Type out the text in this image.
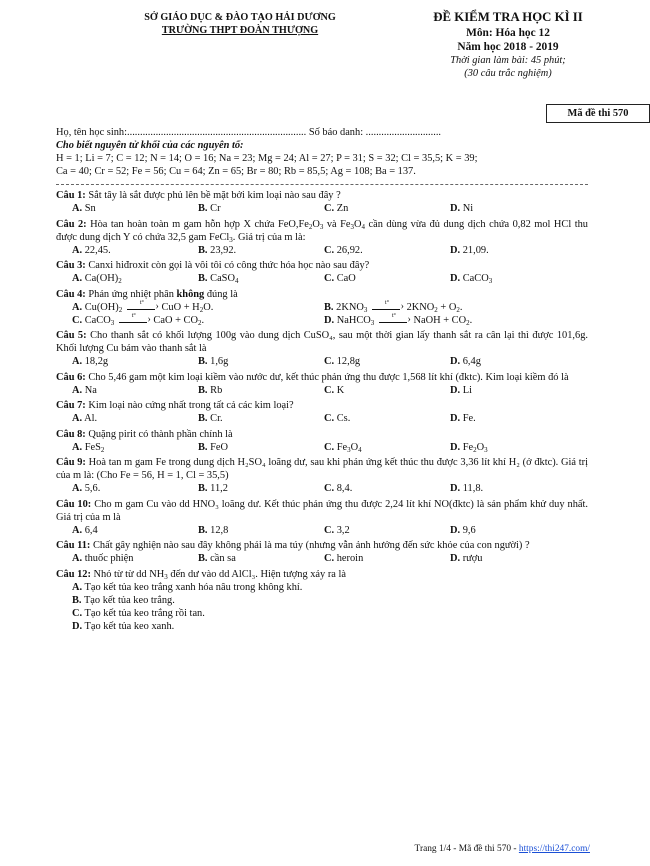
SỞ GIÁO DỤC & ĐÀO TẠO HẢI DƯƠNG
TRƯỜNG THPT ĐOÀN THƯỢNG
ĐỀ KIỂM TRA HỌC KÌ II
Môn: Hóa học 12
Năm học 2018 - 2019
Thời gian làm bài: 45 phút;
(30 câu trắc nghiệm)
Mã đề thi 570
Họ, tên học sinh:..................................................................... Số báo danh: .............................
Cho biết nguyên tử khối của các nguyên tố:
H = 1; Li = 7; C = 12; N = 14; O = 16; Na = 23; Mg = 24; Al = 27; P = 31; S = 32; Cl = 35,5; K = 39;
Ca = 40; Cr = 52; Fe = 56; Cu = 64; Zn = 65; Br = 80; Rb = 85,5; Ag = 108; Ba = 137.
Câu 1: Sắt tây là sắt được phủ lên bề mặt bởi kim loại nào sau đây ?
A. Sn	B. Cr	C. Zn	D. Ni
Câu 2: Hòa tan hoàn toàn m gam hỗn hợp X chứa $FeO,Fe_2O_3$ và $Fe_3O_4$ cần dùng vừa đủ dung dịch chứa 0,82 mol HCl thu được dung dịch Y có chứa 32,5 gam FeCl$_3$. Giá trị của m là:
A. 22,45.	B. 23,92.	C. 26,92.	D. 21,09.
Câu 3: Canxi hiđroxit còn gọi là vôi tôi có công thức hóa học nào sau đây?
A. $Ca(OH)_2$	B. CaSO$_4$	C. CaO	D. CaCO$_3$
Câu 4: Phản ứng nhiệt phân không đúng là
A. $Cu(OH)_2$ › $^{t^\circ}$ CuO + $H_2O$.	B. $2KNO_3$ › $^{t^\circ}$ $2KNO_2 + O_2$.
C. CaCO$_3$ › $^{t^\circ}$ CaO + $CO_2$.	D. NaHCO$_3$ › $^{t^\circ}$ NaOH + $CO_2$.
Câu 5: Cho thanh sắt có khối lượng 100g vào dung dịch CuSO₄, sau một thời gian lấy thanh sắt ra cân lại thì được 101,6g. Khối lượng Cu bám vào thanh sắt là
A. 18,2g	B. 1,6g	C. 12,8g	D. 6,4g
Câu 6: Cho 5,46 gam một kim loại kiềm vào nước dư, kết thúc phản ứng thu được 1,568 lít khí (đktc). Kim loại kiềm đó là
A. Na	B. Rb	C. K	D. Li
Câu 7: Kim loại nào cứng nhất trong tất cả các kim loại?
A. Al.	B. Cr.	C. Cs.	D. Fe.
Câu 8: Quặng pirit có thành phần chính là
A. FeS$_2$	B. FeO	C. $Fe_3O_4$	D. $Fe_2O_3$
Câu 9: Hoà tan m gam Fe trong dung dịch H₂SO₄ loãng dư, sau khi phản ứng kết thúc thu được 3,36 lít khí H₂ (ở đktc). Giá trị của m là: (Cho Fe = 56, H = 1, Cl = 35,5)
A. 5,6.	B. 11,2	C. 8,4.	D. 11,8.
Câu 10: Cho m gam Cu vào dd HNO₃ loãng dư. Kết thúc phản ứng thu được 2,24 lít khí NO(đktc) là sản phẩm khử duy nhất. Giá trị của m là
A. 6,4	B. 12,8	C. 3,2	D. 9,6
Câu 11: Chất gây nghiện nào sau đây không phải là ma túy (nhưng vẫn ảnh hưởng đến sức khỏe của con người) ?
A. thuốc phiện	B. cần sa	C. heroin	D. rượu
Câu 12: Nhỏ từ từ dd $NH_3$ đến dư vào dd AlCl₃. Hiện tượng xảy ra là
A. Tạo kết tủa keo trắng xanh hóa nâu trong không khí.
B. Tạo kết tủa keo trắng.
C. Tạo kết tủa keo trắng rồi tan.
D. Tạo kết tủa keo xanh.
Trang 1/4 - Mã đề thi 570 - https://thi247.com/
